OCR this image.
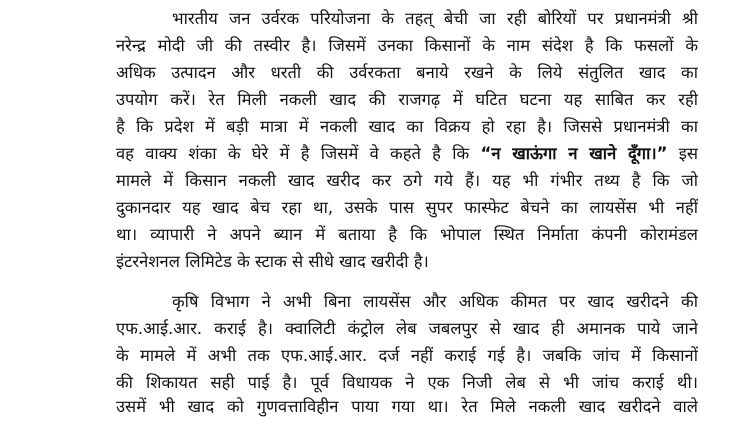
भारतीय जन उर्वरक परियोजना के तहत् बेची जा रही बोरियों पर प्रधानमंत्री श्री
नरेन्द्र मोदी जी की तस्वीर है। जिसमें उनका किसानों के नाम संदेश है कि फसलों के
अधिक उत्पादन और धरती की उर्वरकता बनाये रखने के लिये संतुलित खाद का
उपयोग करें। रेत मिली नकली खाद की राजगढ़ में घटित घटना यह साबित कर रही
है कि प्रदेश में बड़ी मात्रा में नकली खाद का विक्रय हो रहा है। जिससे प्रधानमंत्री का
वह वाक्य शंका के घेरे में है जिसमें वे कहते है कि “न खाऊंगा न खाने दूँगा।” इस
मामले में किसान नकली खाद खरीद कर ठगे गये हैं। यह भी गंभीर तथ्य है कि जो
दुकानदार यह खाद बेच रहा था, उसके पास सुपर फास्फेट बेचने का लायसेंस भी नहीं
था। व्यापारी ने अपने ब्यान में बताया है कि भोपाल स्थित निर्माता कंपनी कोरामंडल
इंटरनेशनल लिमिटेड के स्टाक से सीधे खाद खरीदी है।
कृषि विभाग ने अभी बिना लायसेंस और अधिक कीमत पर खाद खरीदने की
एफ.आई.आर. कराई है। क्वालिटी कंट्रोल लेब जबलपुर से खाद ही अमानक पाये जाने
के मामले में अभी तक एफ.आई.आर. दर्ज नहीं कराई गई है। जबकि जांच में किसानों
की शिकायत सही पाई है। पूर्व विधायक ने एक निजी लेब से भी जांच कराई थी।
उसमें भी खाद को गुणवत्ताविहीन पाया गया था। रेत मिले नकली खाद खरीदने वाले
